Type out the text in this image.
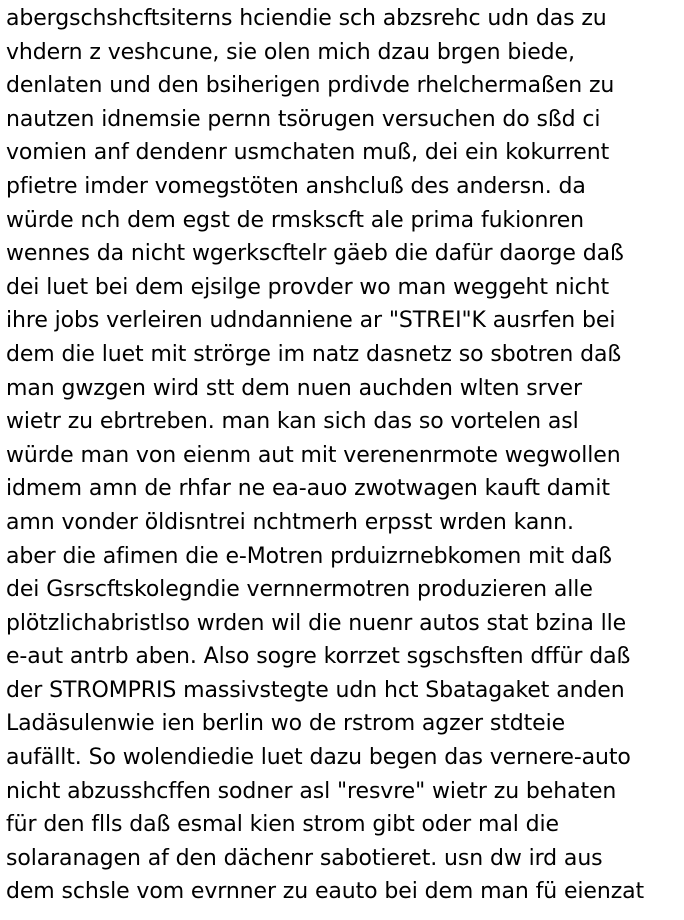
abergschshcftsiterns hciendie sch abzsrehc udn das zu
vhdern z veshcune, sie olen mich dzau brgen biede,
denlaten und den bsiherigen prdivde rhelchermaßen zu
nautzen idnemsie pernn tsörugen versuchen do sßd ci
vomien anf dendenr usmchaten muß, dei ein kokurrent
pfietre imder vomegstöten anshcluß des andersn. da
würde nch dem egst de rmskscft ale prima fukionren
wennes da nicht wgerkscftelr gäeb die dafür daorge daß
dei luet bei dem ejsilge provder wo man weggeht nicht
ihre jobs verleiren udndanniene ar "STREI"K ausrfen bei
dem die luet mit strörge im natz dasnetz so sbotren daß
man gwzgen wird stt dem nuen auchden wlten srver
wietr zu ebrtreben. man kan sich das so vortelen asl
würde man von eienm aut mit verenenrmote wegwollen
idmem amn de rhfar ne ea-auo zwotwagen kauft damit
amn vonder öldisntrei nchtmerh erpsst wrden kann.
aber die afimen die e-Motren prduizrnebkomen mit daß
dei Gsrscftskolegndie vernnermotren produzieren alle
plötzlichabristlso wrden wil die nuenr autos stat bzina lle
e-aut antrb aben. Also sogre korrzet sgschsften dffür daß
der STROMPRIS massivstegte udn hct Sbatagaket anden
Ladäsulenwie ien berlin wo de rstrom agzer stdteie
aufällt. So wolendiedie luet dazu begen das vernere-auto
nicht abzusshcffen sodner asl "resvre" wietr zu behaten
für den flls daß esmal kien strom gibt oder mal die
solaranagen af den dächenr sabotieret. usn dw ird aus
dem schsle vom evrnner zu eauto bei dem man fü eienzat
